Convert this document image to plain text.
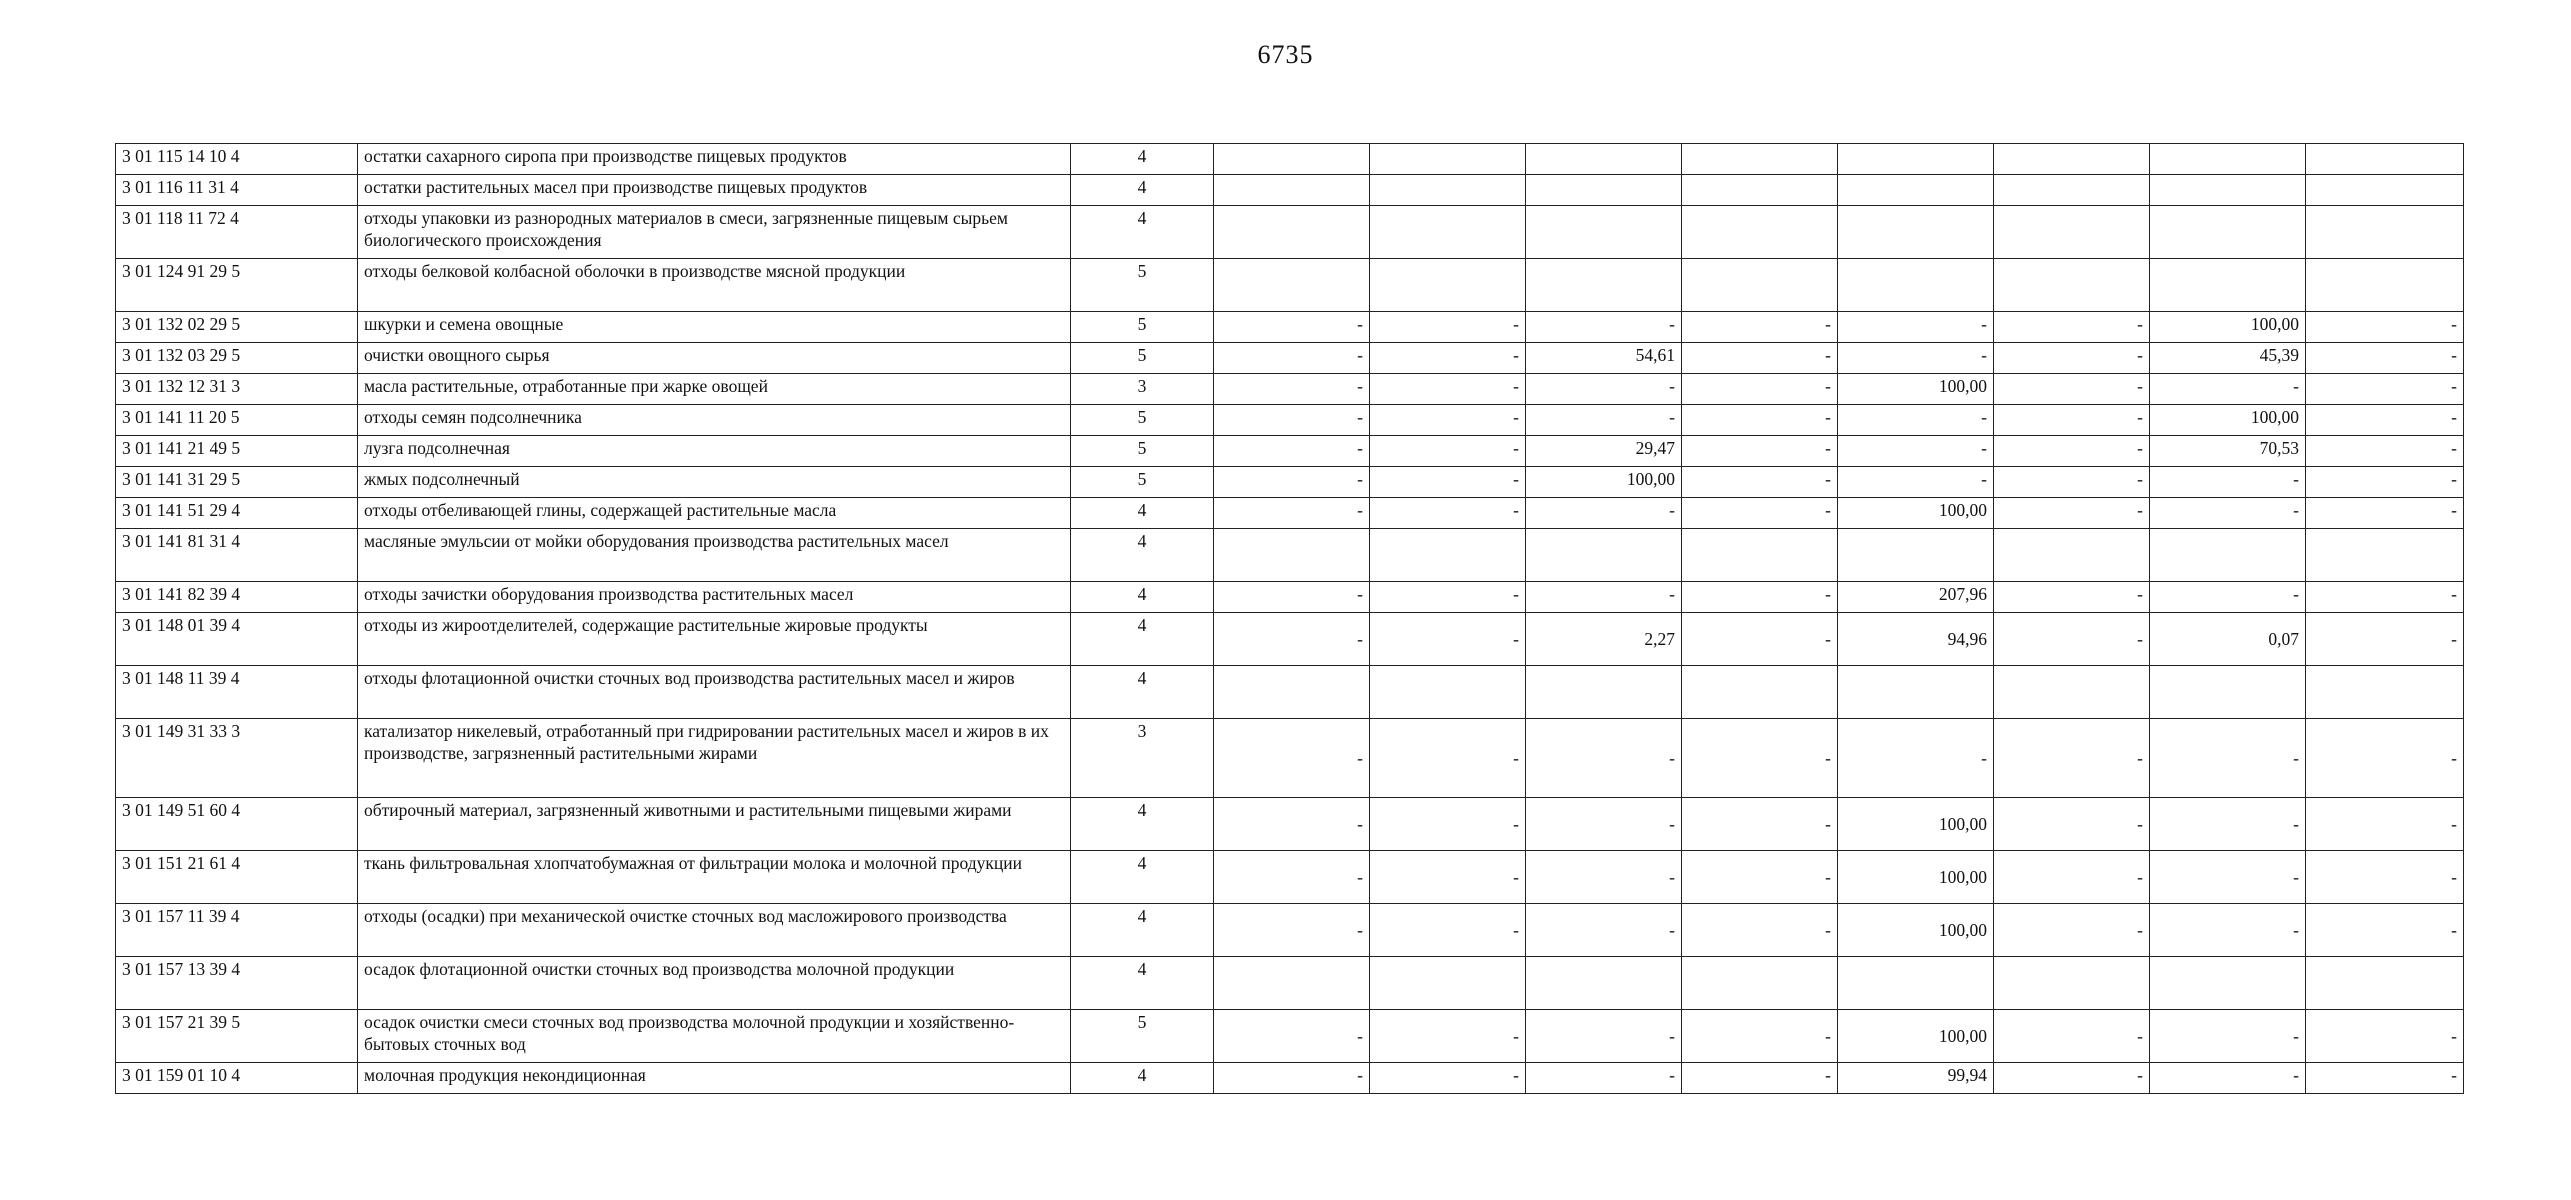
6735
3 01 115 14 10 4	остатки сахарного сиропа при производстве пищевых продуктов	4								
3 01 116 11 31 4	остатки растительных масел при производстве пищевых продуктов	4								
3 01 118 11 72 4	отходы упаковки из разнородных материалов в смеси, загрязненные пищевым сырьем биологического происхождения	4								
3 01 124 91 29 5	отходы белковой колбасной оболочки в производстве мясной продукции	5								
3 01 132 02 29 5	шкурки и семена овощные	5	-	-	-	-	-	-	100,00	-
3 01 132 03 29 5	очистки овощного сырья	5	-	-	54,61	-	-	-	45,39	-
3 01 132 12 31 3	масла растительные, отработанные при жарке овощей	3	-	-	-	-	100,00	-	-	-
3 01 141 11 20 5	отходы семян подсолнечника	5	-	-	-	-	-	-	100,00	-
3 01 141 21 49 5	лузга подсолнечная	5	-	-	29,47	-	-	-	70,53	-
3 01 141 31 29 5	жмых подсолнечный	5	-	-	100,00	-	-	-	-	-
3 01 141 51 29 4	отходы отбеливающей глины, содержащей растительные масла	4	-	-	-	-	100,00	-	-	-
3 01 141 81 31 4	масляные эмульсии от мойки оборудования производства растительных масел	4								
3 01 141 82 39 4	отходы зачистки оборудования производства растительных масел	4	-	-	-	-	207,96	-	-	-
3 01 148 01 39 4	отходы из жироотделителей, содержащие растительные жировые продукты	4	-	-	2,27	-	94,96	-	0,07	-
3 01 148 11 39 4	отходы флотационной очистки сточных вод производства растительных масел и жиров	4								
3 01 149 31 33 3	катализатор никелевый, отработанный при гидрировании растительных масел и жиров в их производстве, загрязненный растительными жирами	3	-	-	-	-	-	-	-	-
3 01 149 51 60 4	обтирочный материал, загрязненный животными и растительными пищевыми жирами	4	-	-	-	-	100,00	-	-	-
3 01 151 21 61 4	ткань фильтровальная хлопчатобумажная от фильтрации молока и молочной продукции	4	-	-	-	-	100,00	-	-	-
3 01 157 11 39 4	отходы (осадки) при механической очистке сточных вод масложирового производства	4	-	-	-	-	100,00	-	-	-
3 01 157 13 39 4	осадок флотационной очистки сточных вод производства молочной продукции	4								
3 01 157 21 39 5	осадок очистки смеси сточных вод производства молочной продукции и хозяйственно-бытовых сточных вод	5	-	-	-	-	100,00	-	-	-
3 01 159 01 10 4	молочная продукция некондиционная	4	-	-	-	-	99,94	-	-	-
